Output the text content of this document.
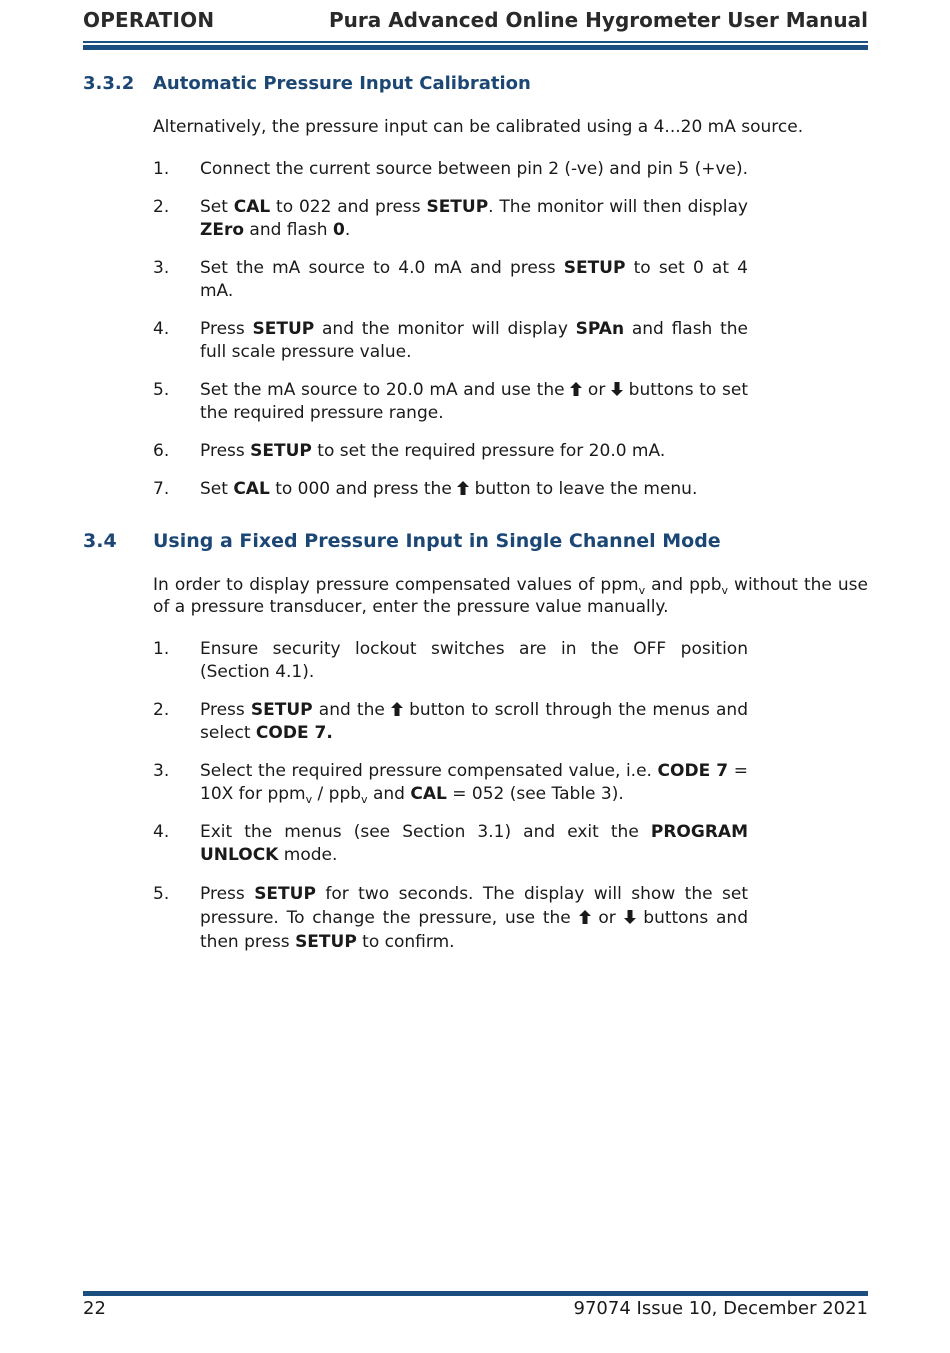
OPERATION	Pura Advanced Online Hygrometer User Manual
3.3.2 Automatic Pressure Input Calibration
Alternatively, the pressure input can be calibrated using a 4...20 mA source.
1. Connect the current source between pin 2 (-ve) and pin 5 (+ve).
2. Set CAL to 022 and press SETUP. The monitor will then display ZEro and flash 0.
3. Set the mA source to 4.0 mA and press SETUP to set 0 at 4 mA.
4. Press SETUP and the monitor will display SPAn and flash the full scale pressure value.
5. Set the mA source to 20.0 mA and use the
or
buttons to set the required pressure range.
6. Press SETUP to set the required pressure for 20.0 mA.
7. Set CAL to 000 and press the
button to leave the menu.
3.4 Using a Fixed Pressure Input in Single Channel Mode
In order to display pressure compensated values of ppm$_v$ and ppb$_v$ without the use of a pressure transducer, enter the pressure value manually.
1. Ensure security lockout switches are in the OFF position (Section 4.1).
2. Press SETUP and the
button to scroll through the menus and select CODE 7.
3. Select the required pressure compensated value, i.e. CODE 7 = 10X for ppm$_v$ / ppb$_v$ and CAL = 052 (see Table 3).
4. Exit the menus (see Section 3.1) and exit the PROGRAM UNLOCK mode.
5. Press SETUP for two seconds. The display will show the set pressure. To change the pressure, use the
or
buttons and then press SETUP to confirm.
22	97074 Issue 10, December 2021
